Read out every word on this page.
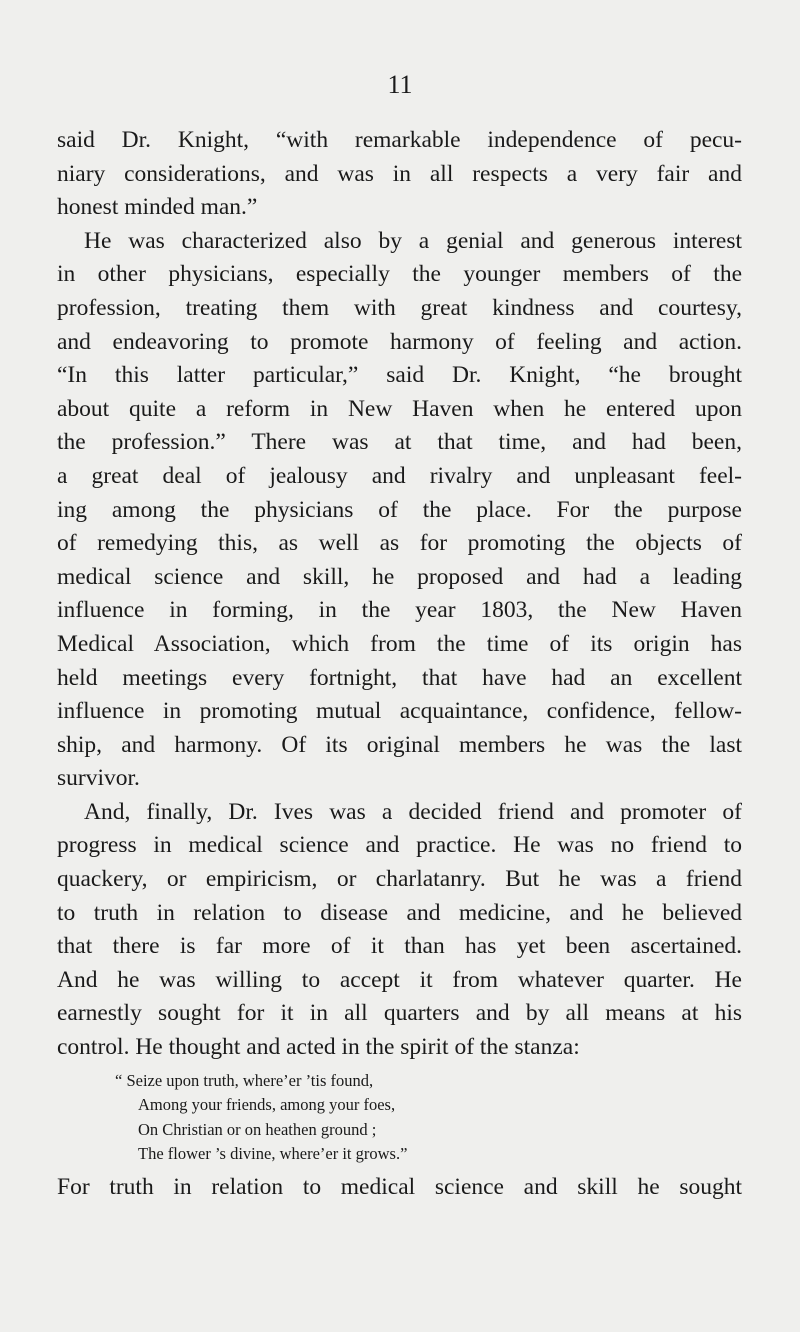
11
said Dr. Knight, “with remarkable independence of pecu-
niary considerations, and was in all respects a very fair and
honest minded man.”
He was characterized also by a genial and generous interest
in other physicians, especially the younger members of the
profession, treating them with great kindness and courtesy,
and endeavoring to promote harmony of feeling and action.
“In this latter particular,” said Dr. Knight, “he brought
about quite a reform in New Haven when he entered upon
the profession.” There was at that time, and had been,
a great deal of jealousy and rivalry and unpleasant feel-
ing among the physicians of the place. For the purpose
of remedying this, as well as for promoting the objects of
medical science and skill, he proposed and had a leading
influence in forming, in the year 1803, the New Haven
Medical Association, which from the time of its origin has
held meetings every fortnight, that have had an excellent
influence in promoting mutual acquaintance, confidence, fellow-
ship, and harmony. Of its original members he was the last
survivor.
And, finally, Dr. Ives was a decided friend and promoter of
progress in medical science and practice. He was no friend to
quackery, or empiricism, or charlatanry. But he was a friend
to truth in relation to disease and medicine, and he believed
that there is far more of it than has yet been ascertained.
And he was willing to accept it from whatever quarter. He
earnestly sought for it in all quarters and by all means at his
control. He thought and acted in the spirit of the stanza:
“ Seize upon truth, where’er ’tis found,
Among your friends, among your foes,
On Christian or on heathen ground ;
The flower ’s divine, where’er it grows.”
For truth in relation to medical science and skill he sought
